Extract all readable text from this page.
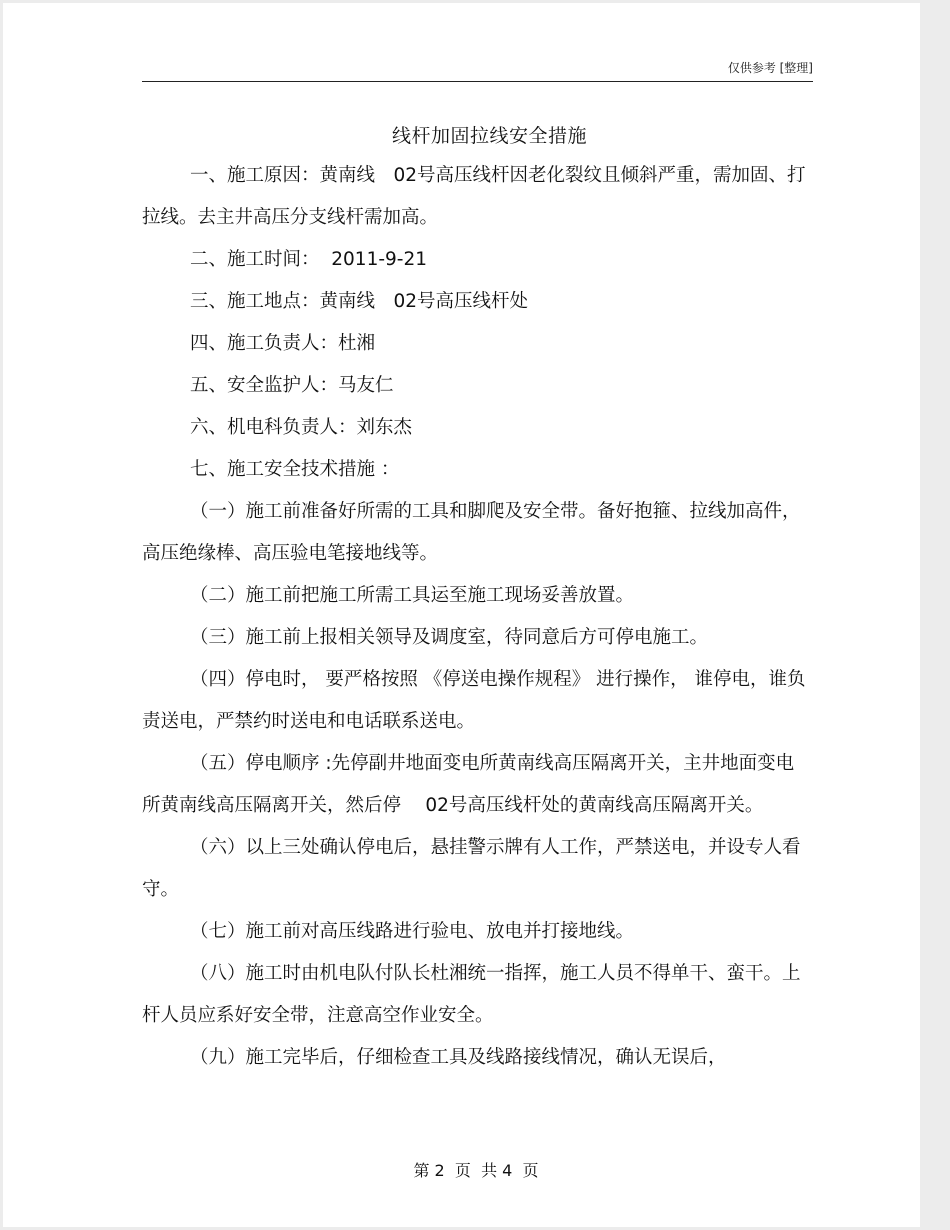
仅供参考 [整理]
线杆加固拉线安全措施

一、施工原因：黄南线　02号高压线杆因老化裂纹且倾斜严重，需加固、打拉线。去主井高压分支线杆需加高。

二、施工时间：  2011-9-21

三、施工地点：黄南线　02号高压线杆处

四、施工负责人：杜湘

五、安全监护人：马友仁

六、机电科负责人：刘东杰

七、施工安全技术措施 ：

（一）施工前准备好所需的工具和脚爬及安全带。备好抱箍、拉线加高件，高压绝缘棒、高压验电笔接地线等。

（二）施工前把施工所需工具运至施工现场妥善放置。

（三）施工前上报相关领导及调度室，待同意后方可停电施工。

（四）停电时， 要严格按照 《停送电操作规程》 进行操作， 谁停电，谁负责送电，严禁约时送电和电话联系送电。

（五）停电顺序 :先停副井地面变电所黄南线高压隔离开关，主井地面变电所黄南线高压隔离开关，然后停　 02号高压线杆处的黄南线高压隔离开关。

（六）以上三处确认停电后，悬挂警示牌有人工作，严禁送电，并设专人看守。

（七）施工前对高压线路进行验电、放电并打接地线。

（八）施工时由机电队付队长杜湘统一指挥，施工人员不得单干、蛮干。上杆人员应系好安全带，注意高空作业安全。

（九）施工完毕后，仔细检查工具及线路接线情况，确认无误后，

第 2  页  共 4  页
